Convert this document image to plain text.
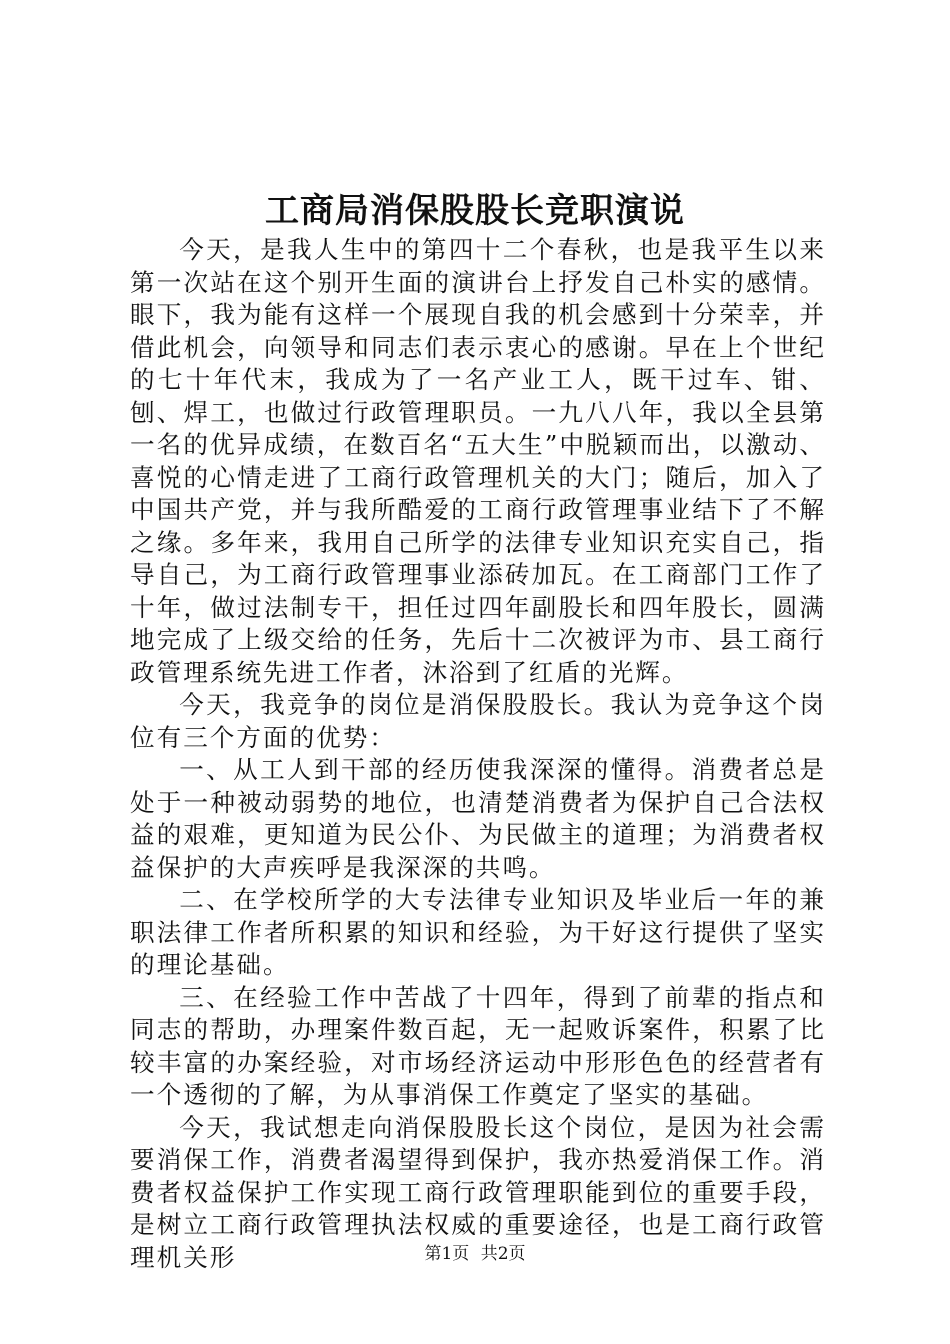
工商局消保股股长竞职演说

今天，是我人生中的第四十二个春秋，也是我平生以来第一次站在这个别开生面的演讲台上抒发自己朴实的感情。眼下，我为能有这样一个展现自我的机会感到十分荣幸，并借此机会，向领导和同志们表示衷心的感谢。早在上个世纪的七十年代末，我成为了一名产业工人，既干过车、钳、刨、焊工，也做过行政管理职员。一九八八年，我以全县第一名的优异成绩，在数百名“五大生”中脱颖而出，以激动、喜悦的心情走进了工商行政管理机关的大门；随后，加入了中国共产党，并与我所酷爱的工商行政管理事业结下了不解之缘。多年来，我用自己所学的法律专业知识充实自己，指导自己，为工商行政管理事业添砖加瓦。在工商部门工作了十年，做过法制专干，担任过四年副股长和四年股长，圆满地完成了上级交给的任务，先后十二次被评为市、县工商行政管理系统先进工作者，沐浴到了红盾的光辉。

今天，我竞争的岗位是消保股股长。我认为竞争这个岗位有三个方面的优势：

一、从工人到干部的经历使我深深的懂得。消费者总是处于一种被动弱势的地位，也清楚消费者为保护自己合法权益的艰难，更知道为民公仆、为民做主的道理；为消费者权益保护的大声疾呼是我深深的共鸣。

二、在学校所学的大专法律专业知识及毕业后一年的兼职法律工作者所积累的知识和经验，为干好这行提供了坚实的理论基础。

三、在经验工作中苦战了十四年，得到了前辈的指点和同志的帮助，办理案件数百起，无一起败诉案件，积累了比较丰富的办案经验，对市场经济运动中形形色色的经营者有一个透彻的了解，为从事消保工作奠定了坚实的基础。

今天，我试想走向消保股股长这个岗位，是因为社会需要消保工作，消费者渴望得到保护，我亦热爱消保工作。消费者权益保护工作实现工商行政管理职能到位的重要手段，是树立工商行政管理执法权威的重要途径，也是工商行政管理机关形	第1页 共2页
